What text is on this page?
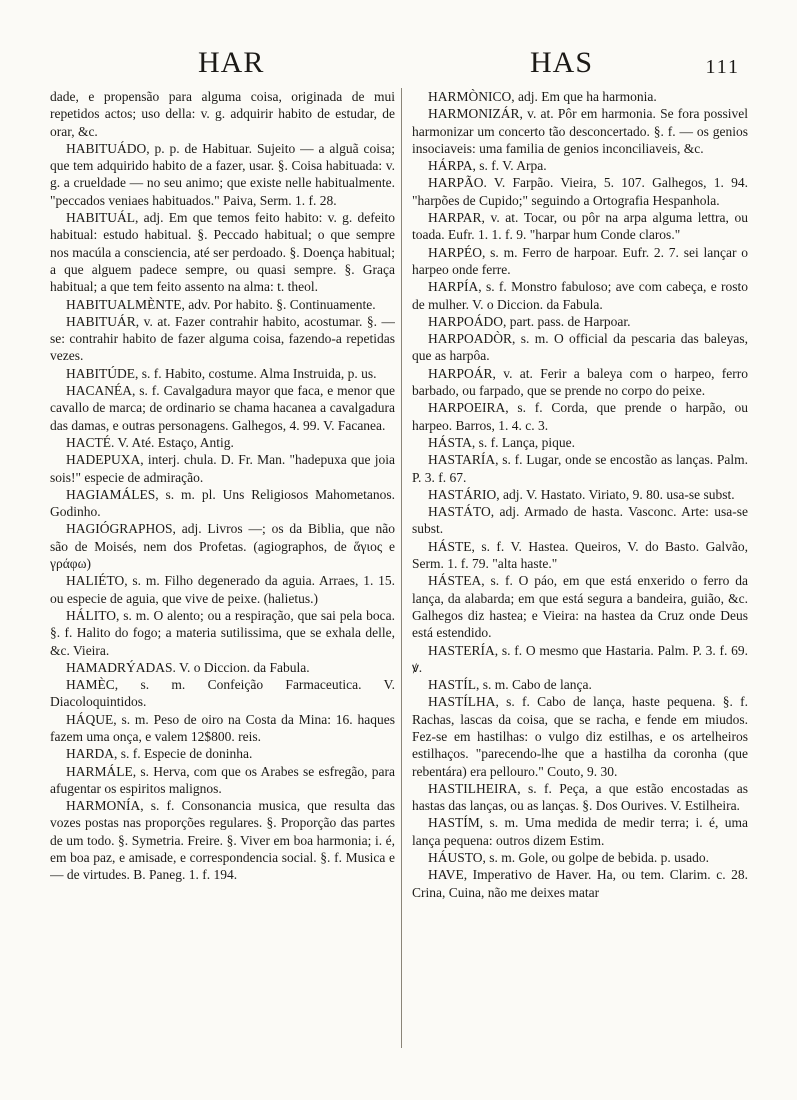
HAR	HAS	111

dade, e propensão para alguma coisa, originada de mui repetidos actos; uso della: v. g. adquirir habito de estudar, de orar, &c.

HABITUÁDO, p. p. de Habituar. Sujeito — a alguã coisa; que tem adquirido habito de a fazer, usar. §. Coisa habituada: v. g. a crueldade — no seu animo; que existe nelle habitualmente. "peccados veniaes habituados." Paiva, Serm. 1. f. 28.

HABITUÁL, adj. Em que temos feito habito: v. g. defeito habitual: estudo habitual. §. Peccado habitual; o que sempre nos macúla a consciencia, até ser perdoado. §. Doença habitual; a que alguem padece sempre, ou quasi sempre. §. Graça habitual; a que tem feito assento na alma: t. theol.

HABITUALMÈNTE, adv. Por habito. §. Continuamente.

HABITUÁR, v. at. Fazer contrahir habito, acostumar. §. — se: contrahir habito de fazer alguma coisa, fazendo-a repetidas vezes.

HABITÚDE, s. f. Habito, costume. Alma Instruida, p. us.

HACANÉA, s. f. Cavalgadura mayor que faca, e menor que cavallo de marca; de ordinario se chama hacanea a cavalgadura das damas, e outras personagens. Galhegos, 4. 99. V. Facanea.

HACTÉ. V. Até. Estaço, Antig.

HADEPUXA, interj. chula. D. Fr. Man. "hadepuxa que joia sois!" especie de admiração.

HAGIAMÁLES, s. m. pl. Uns Religiosos Mahometanos. Godinho.

HAGIÓGRAPHOS, adj. Livros —; os da Biblia, que não são de Moisés, nem dos Profetas. (agiographos, de ἅγιος e γράφω)

HALIÉTO, s. m. Filho degenerado da aguia. Arraes, 1. 15. ou especie de aguia, que vive de peixe. (halietus.)

HÁLITO, s. m. O alento; ou a respiração, que sai pela boca. §. f. Halito do fogo; a materia sutilissima, que se exhala delle, &c. Vieira.

HAMADRÝADAS. V. o Diccion. da Fabula.

HAMÈC, s. m. Confeição Farmaceutica. V. Diacoloquintidos.

HÁQUE, s. m. Peso de oiro na Costa da Mina: 16. haques fazem uma onça, e valem 12$800. reis.

HARDA, s. f. Especie de doninha.

HARMÁLE, s. Herva, com que os Arabes se esfregão, para afugentar os espiritos malignos.

HARMONÍA, s. f. Consonancia musica, que resulta das vozes postas nas proporções regulares. §. Proporção das partes de um todo. §. Symetria. Freire. §. Viver em boa harmonia; i. é, em boa paz, e amisade, e correspondencia social. §. f. Musica e — de virtudes. B. Paneg. 1. f. 194.

HARMÒNICO, adj. Em que ha harmonia.

HARMONIZÁR, v. at. Pôr em harmonia. Se fora possivel harmonizar um concerto tão desconcertado. §. f. — os genios insociaveis: uma familia de genios inconciliaveis, &c.

HÁRPA, s. f. V. Arpa.

HARPÃO. V. Farpão. Vieira, 5. 107. Galhegos, 1. 94. "harpões de Cupido;" seguindo a Ortografia Hespanhola.

HARPAR, v. at. Tocar, ou pôr na arpa alguma lettra, ou toada. Eufr. 1. 1. f. 9. "harpar hum Conde claros."

HARPÉO, s. m. Ferro de harpoar. Eufr. 2. 7. sei lançar o harpeo onde ferre.

HARPÍA, s. f. Monstro fabuloso; ave com cabeça, e rosto de mulher. V. o Diccion. da Fabula.

HARPOÁDO, part. pass. de Harpoar.

HARPOADÒR, s. m. O official da pescaria das baleyas, que as harpôa.

HARPOÁR, v. at. Ferir a baleya com o harpeo, ferro barbado, ou farpado, que se prende no corpo do peixe.

HARPOEIRA, s. f. Corda, que prende o harpão, ou harpeo. Barros, 1. 4. c. 3.

HÁSTA, s. f. Lança, pique.

HASTARÍA, s. f. Lugar, onde se encostão as lanças. Palm. P. 3. f. 67.

HASTÁRIO, adj. V. Hastato. Viriato, 9. 80. usa-se subst.

HASTÁTO, adj. Armado de hasta. Vasconc. Arte: usa-se subst.

HÁSTE, s. f. V. Hastea. Queiros, V. do Basto. Galvão, Serm. 1. f. 79. "alta haste."

HÁSTEA, s. f. O páo, em que está enxerido o ferro da lança, da alabarda; em que está segura a bandeira, guião, &c. Galhegos diz hastea; e Vieira: na hastea da Cruz onde Deus está estendido.

HASTERÍA, s. f. O mesmo que Hastaria. Palm. P. 3. f. 69. ꝟ.

HASTÍL, s. m. Cabo de lança.

HASTÍLHA, s. f. Cabo de lança, haste pequena. §. f. Rachas, lascas da coisa, que se racha, e fende em miudos. Fez-se em hastilhas: o vulgo diz estilhas, e os artelheiros estilhaços. "parecendo-lhe que a hastilha da coronha (que rebentára) era pellouro." Couto, 9. 30.

HASTILHEIRA, s. f. Peça, a que estão encostadas as hastas das lanças, ou as lanças. §. Dos Ourives. V. Estilheira.

HASTÍM, s. m. Uma medida de medir terra; i. é, uma lança pequena: outros dizem Estim.

HÁUSTO, s. m. Gole, ou golpe de bebida. p. usado.

HAVE, Imperativo de Haver. Ha, ou tem. Clarim. c. 28. Crina, Cuina, não me deixes matar
